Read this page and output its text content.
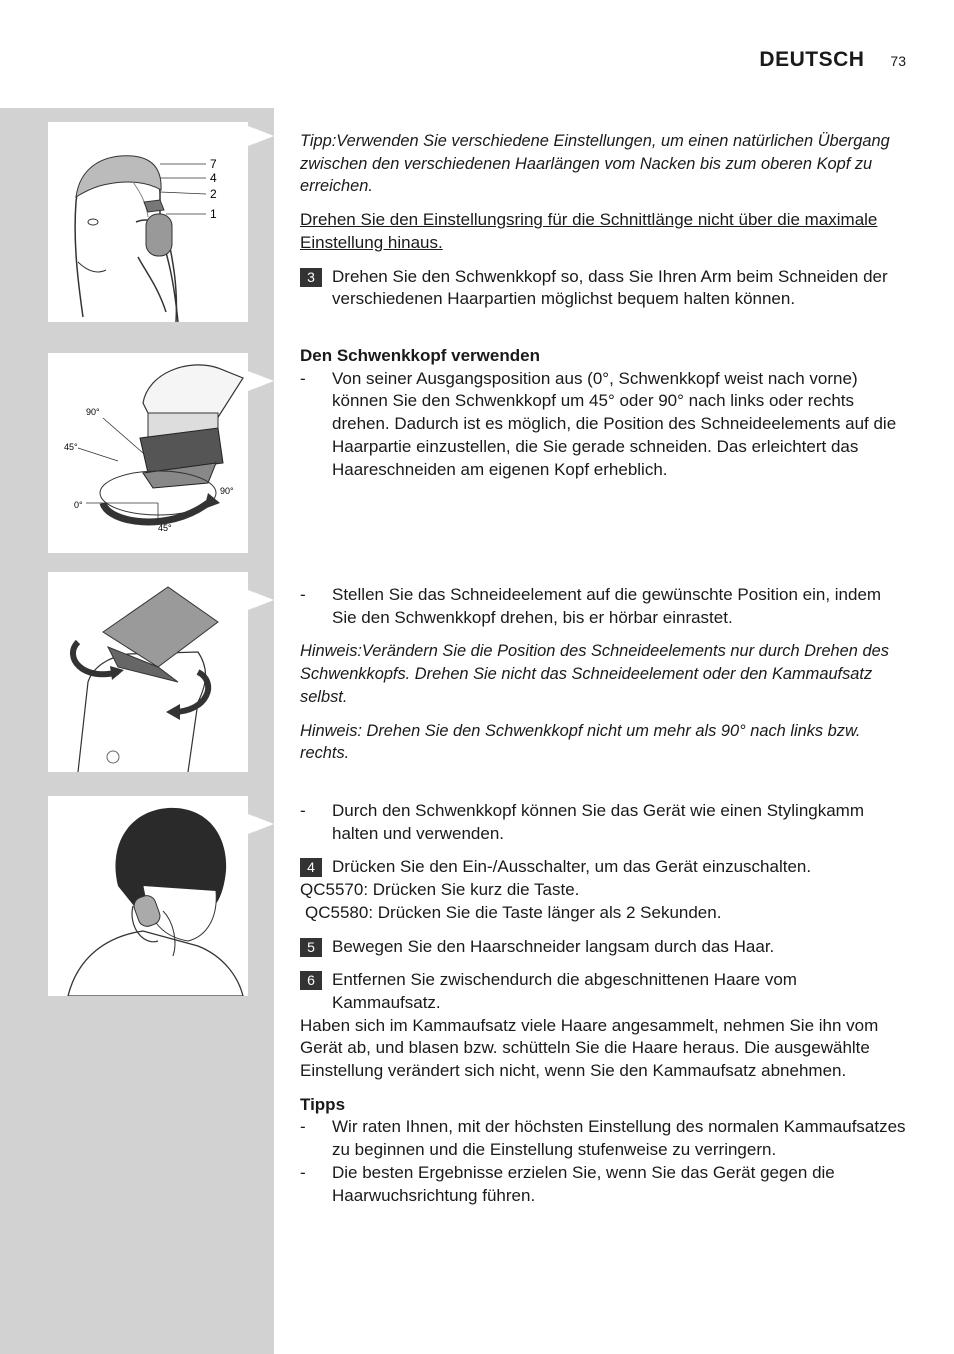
DEUTSCH 73
7
4
2
1
90°
45°
0°
180°
45°
90°

Tipp:Verwenden Sie verschiedene Einstellungen, um einen natürlichen Übergang zwischen den verschiedenen Haarlängen vom Nacken bis zum oberen Kopf zu erreichen.

Drehen Sie den Einstellungsring für die Schnittlänge nicht über die maximale Einstellung hinaus.

3	Drehen Sie den Schwenkkopf so, dass Sie Ihren Arm beim Schneiden der verschiedenen Haarpartien möglichst bequem halten können.

Den Schwenkkopf verwenden

-	Von seiner Ausgangsposition aus (0°, Schwenkkopf weist nach vorne) können Sie den Schwenkkopf um 45° oder 90° nach links oder rechts drehen. Dadurch ist es möglich, die Position des Schneideelements auf die Haarpartie einzustellen, die Sie gerade schneiden. Das erleichtert das Haareschneiden am eigenen Kopf erheblich.
-	Stellen Sie das Schneideelement auf die gewünschte Position ein, indem Sie den Schwenkkopf drehen, bis er hörbar einrastet.

Hinweis:Verändern Sie die Position des Schneideelements nur durch Drehen des Schwenkkopfs. Drehen Sie nicht das Schneideelement oder den Kammaufsatz selbst.

Hinweis: Drehen Sie den Schwenkkopf nicht um mehr als 90° nach links bzw. rechts.

-	Durch den Schwenkkopf können Sie das Gerät wie einen Stylingkamm halten und verwenden.
4	Drücken Sie den Ein-/Ausschalter, um das Gerät einzuschalten.

QC5570: Drücken Sie kurz die Taste.

QC5580: Drücken Sie die Taste länger als 2 Sekunden.

5	Bewegen Sie den Haarschneider langsam durch das Haar.
6	Entfernen Sie zwischendurch die abgeschnittenen Haare vom Kammaufsatz.

Haben sich im Kammaufsatz viele Haare angesammelt, nehmen Sie ihn vom Gerät ab, und blasen bzw. schütteln Sie die Haare heraus. Die ausgewählte Einstellung verändert sich nicht, wenn Sie den Kammaufsatz abnehmen.

Tipps

-	Wir raten Ihnen, mit der höchsten Einstellung des normalen Kammaufsatzes zu beginnen und die Einstellung stufenweise zu verringern.
-	Die besten Ergebnisse erzielen Sie, wenn Sie das Gerät gegen die Haarwuchsrichtung führen.
